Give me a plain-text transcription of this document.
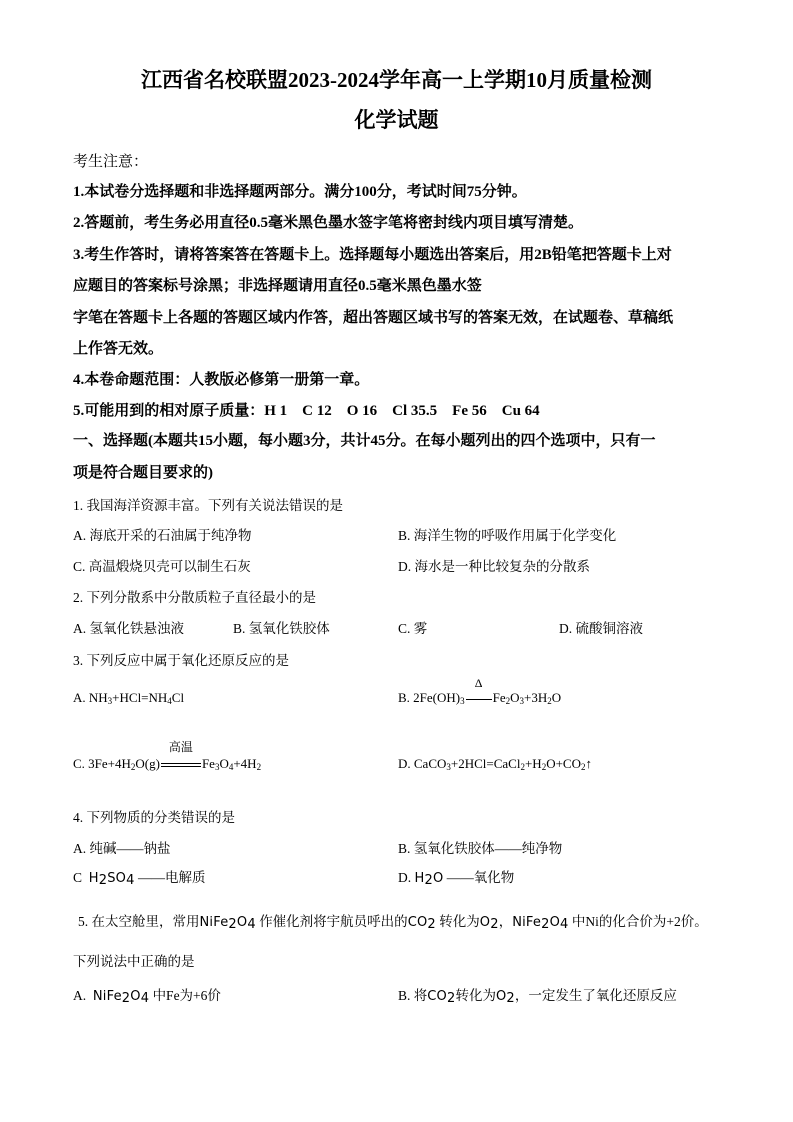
江西省名校联盟2023-2024学年高一上学期10月质量检测
化学试题
考生注意：
1.本试卷分选择题和非选择题两部分。满分100分，考试时间75分钟。
2.答题前，考生务必用直径0.5毫米黑色墨水签字笔将密封线内项目填写清楚。
3.考生作答时，请将答案答在答题卡上。选择题每小题选出答案后，用2B铅笔把答题卡上对
应题目的答案标号涂黑；非选择题请用直径0.5毫米黑色墨水签
字笔在答题卡上各题的答题区域内作答，超出答题区域书写的答案无效，在试题卷、草稿纸
上作答无效。
4.本卷命题范围：人教版必修第一册第一章。
5.可能用到的相对原子质量：H 1　C 12　O 16　Cl 35.5　Fe 56　Cu 64
一、选择题(本题共15小题，每小题3分，共计45分。在每小题列出的四个选项中，只有一
项是符合题目要求的)
1. 我国海洋资源丰富。下列有关说法错误的是
A. 海底开采的石油属于纯净物	B. 海洋生物的呼吸作用属于化学变化
C. 高温煅烧贝壳可以制生石灰	D. 海水是一种比较复杂的分散系
2. 下列分散系中分散质粒子直径最小的是
A. 氢氧化铁悬浊液	B. 氢氧化铁胶体	C. 雾	D. 硫酸铜溶液
3. 下列反应中属于氧化还原反应的是
A. $NH_3+HCl=NH_4Cl$	B. $2Fe(OH)_3$
Δ
$Fe_2O_3+3H_2O$
C. $3Fe+4H_2O(g)$
高温
$Fe_3O_4+4H_2$	D. $CaCO_3+2HCl=CaCl_2+H_2O+CO_2↑$
4. 下列物质的分类错误的是
A. 纯碱——钠盐	B. 氢氧化铁胶体——纯净物
C $H_2SO_4$ ——电解质	D. $H_2O$ ——氧化物
5. 在太空舱里，常用$NiFe_2O_4$ 作催化剂将宇航员呼出的$CO_2$ 转化为$O_2$，$NiFe_2O_4$ 中Ni的化合价为+2价。
下列说法中正确的是
A. $NiFe_2O_4$ 中Fe为+6价	B. 将$CO_2$转化为$O_2$，一定发生了氧化还原反应
